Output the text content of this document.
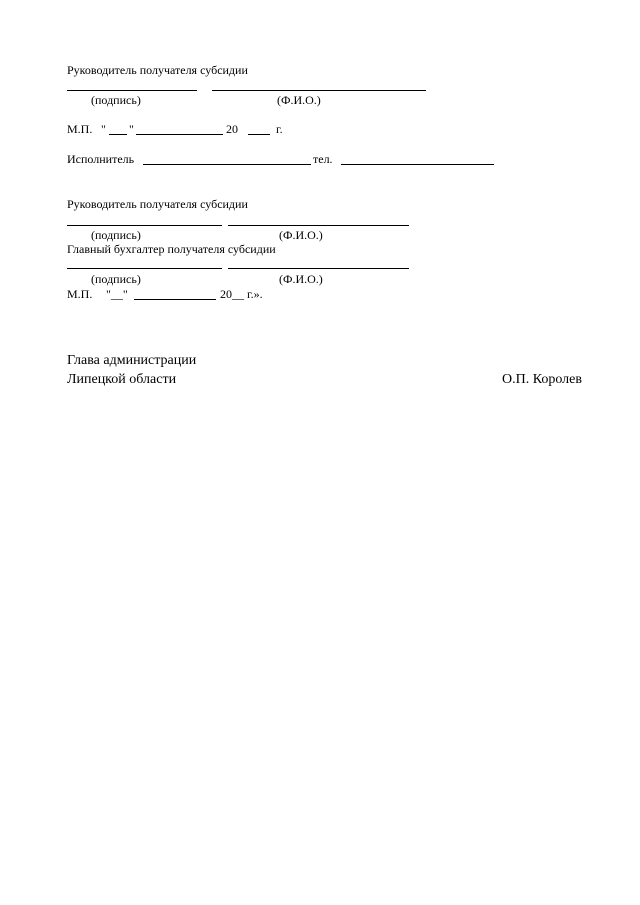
Руководитель получателя субсидии
(подпись)	(Ф.И.О.)
М.П. " "	20	г.
Исполнитель	тел.
Руководитель получателя субсидии
(подпись)	(Ф.И.О.)
Главный бухгалтер получателя субсидии
(подпись)	(Ф.И.О.)
М.П. "__"	20__ г.».
Глава администрации
Липецкой области	О.П. Королев
